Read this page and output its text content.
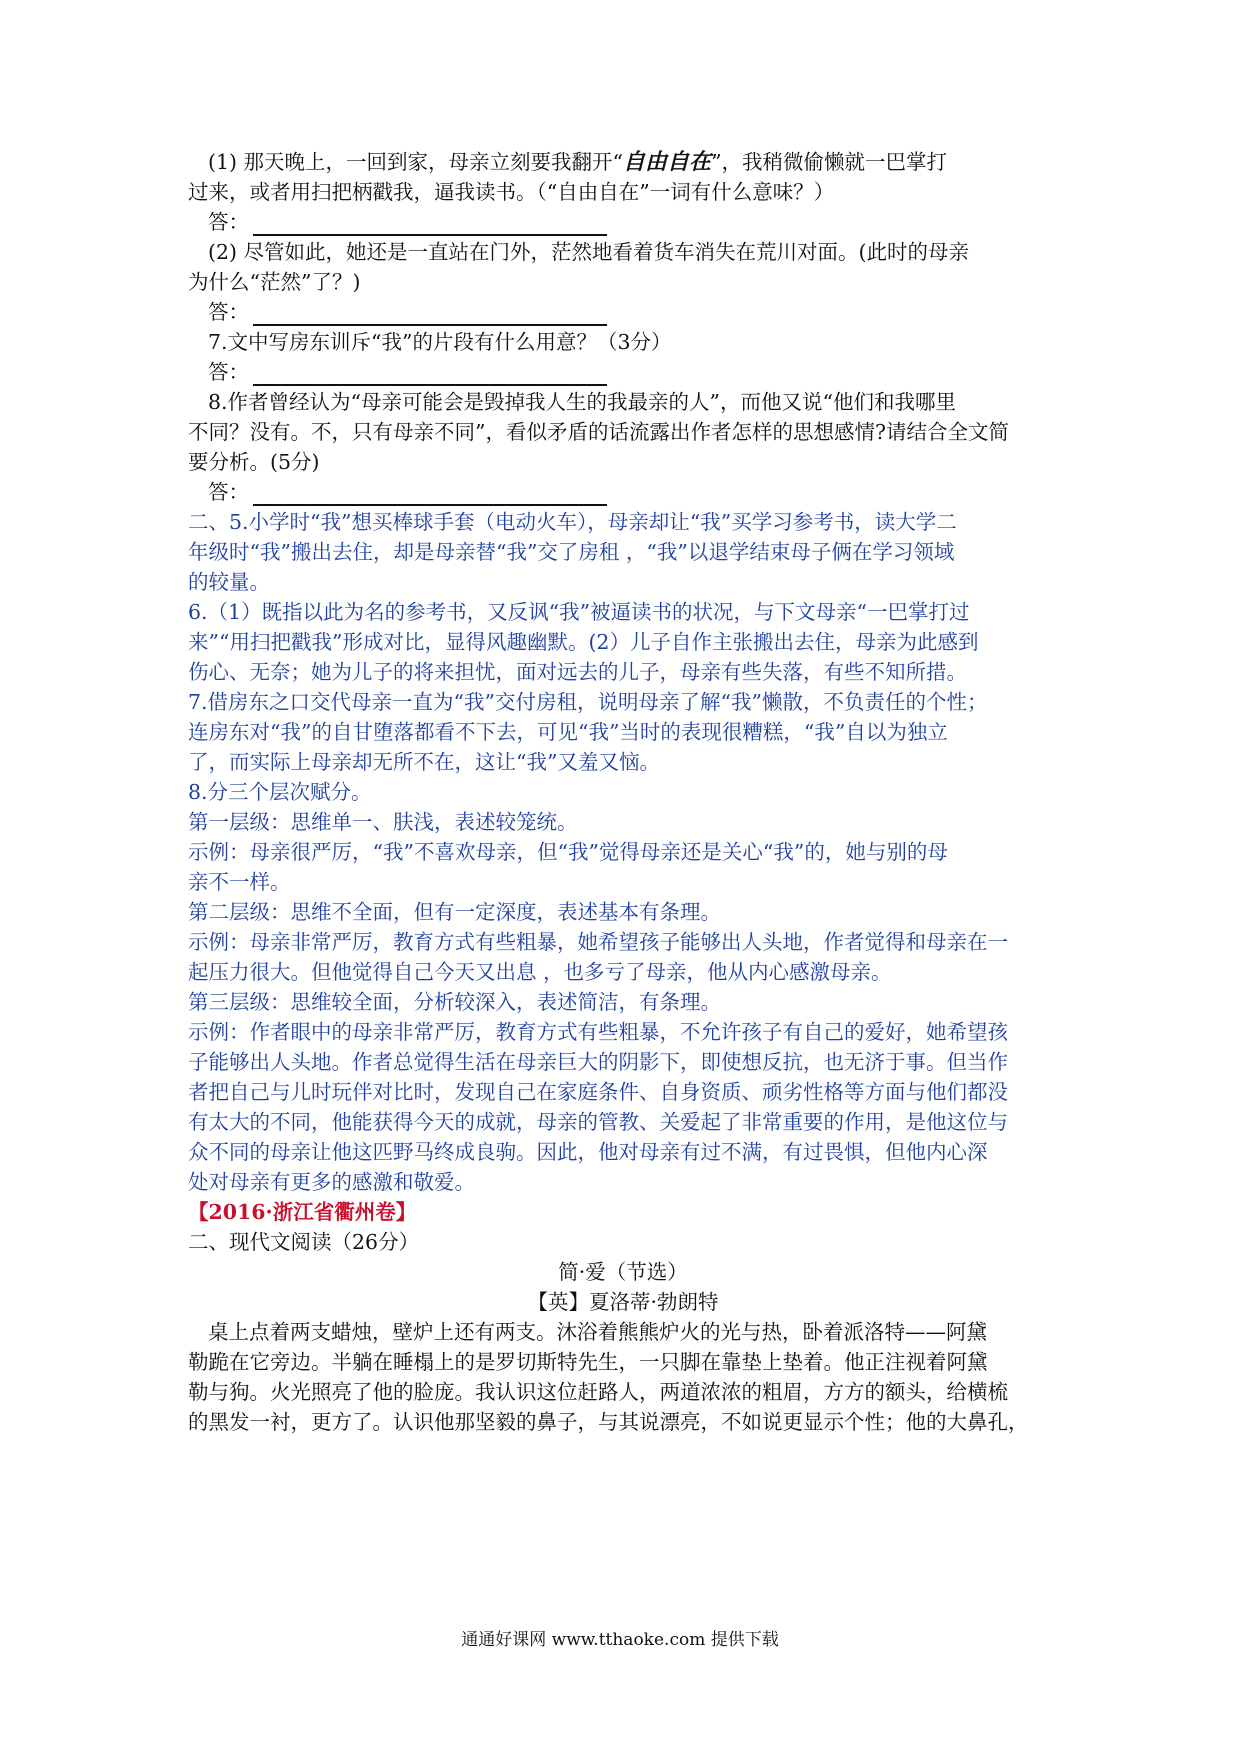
(1) 那天晚上，一回到家，母亲立刻要我翻开“自由自在”，我稍微偷懒就一巴掌打
过来，或者用扫把柄戳我，逼我读书。（“自由自在”一词有什么意味？）
答：
(2) 尽管如此，她还是一直站在门外，茫然地看着货车消失在荒川对面。(此时的母亲
为什么“茫然”了？)
答：
7.文中写房东训斥“我”的片段有什么用意？（3分）
答：
8.作者曾经认为“母亲可能会是毁掉我人生的我最亲的人”，而他又说“他们和我哪里
不同？没有。不，只有母亲不同”，看似矛盾的话流露出作者怎样的思想感情?请结合全文简
要分析。(5分)
答：
二、5.小学时“我”想买棒球手套（电动火车），母亲却让“我”买学习参考书，读大学二
年级时“我”搬出去住，却是母亲替“我”交了房租 ，“我”以退学结束母子俩在学习领域
的较量。
6.（1）既指以此为名的参考书，又反讽“我”被逼读书的状况，与下文母亲“一巴掌打过
来”“用扫把戳我”形成对比，显得风趣幽默。(2）儿子自作主张搬出去住，母亲为此感到
伤心、无奈；她为儿子的将来担忧，面对远去的儿子，母亲有些失落，有些不知所措。
7.借房东之口交代母亲一直为“我”交付房租，说明母亲了解“我”懒散，不负责任的个性；
连房东对“我”的自甘堕落都看不下去，可见“我”当时的表现很糟糕，“我”自以为独立
了，而实际上母亲却无所不在，这让“我”又羞又恼。
8.分三个层次赋分。
第一层级：思维单一、肤浅，表述较笼统。
示例：母亲很严厉，“我”不喜欢母亲，但“我”觉得母亲还是关心“我”的，她与别的母
亲不一样。
第二层级：思维不全面，但有一定深度，表述基本有条理。
示例：母亲非常严厉，教育方式有些粗暴，她希望孩子能够出人头地，作者觉得和母亲在一
起压力很大。但他觉得自己今天又出息 ，也多亏了母亲，他从内心感激母亲。
第三层级：思维较全面，分析较深入，表述简洁，有条理。
示例：作者眼中的母亲非常严厉，教育方式有些粗暴，不允许孩子有自己的爱好，她希望孩
子能够出人头地。作者总觉得生活在母亲巨大的阴影下，即使想反抗，也无济于事。但当作
者把自己与儿时玩伴对比时，发现自己在家庭条件、自身资质、顽劣性格等方面与他们都没
有太大的不同，他能获得今天的成就，母亲的管教、关爱起了非常重要的作用，是他这位与
众不同的母亲让他这匹野马终成良驹。因此，他对母亲有过不满，有过畏惧，但他内心深
处对母亲有更多的感激和敬爱。
【2016·浙江省衢州卷】
二、现代文阅读（26分）
简·爱（节选）
【英】夏洛蒂·勃朗特
桌上点着两支蜡烛，壁炉上还有两支。沐浴着熊熊炉火的光与热，卧着派洛特——阿黛
勒跪在它旁边。半躺在睡榻上的是罗切斯特先生，一只脚在靠垫上垫着。他正注视着阿黛
勒与狗。火光照亮了他的脸庞。我认识这位赶路人，两道浓浓的粗眉，方方的额头，给横梳
的黑发一衬，更方了。认识他那坚毅的鼻子，与其说漂亮，不如说更显示个性；他的大鼻孔，
通通好课网 www.tthaoke.com 提供下载
